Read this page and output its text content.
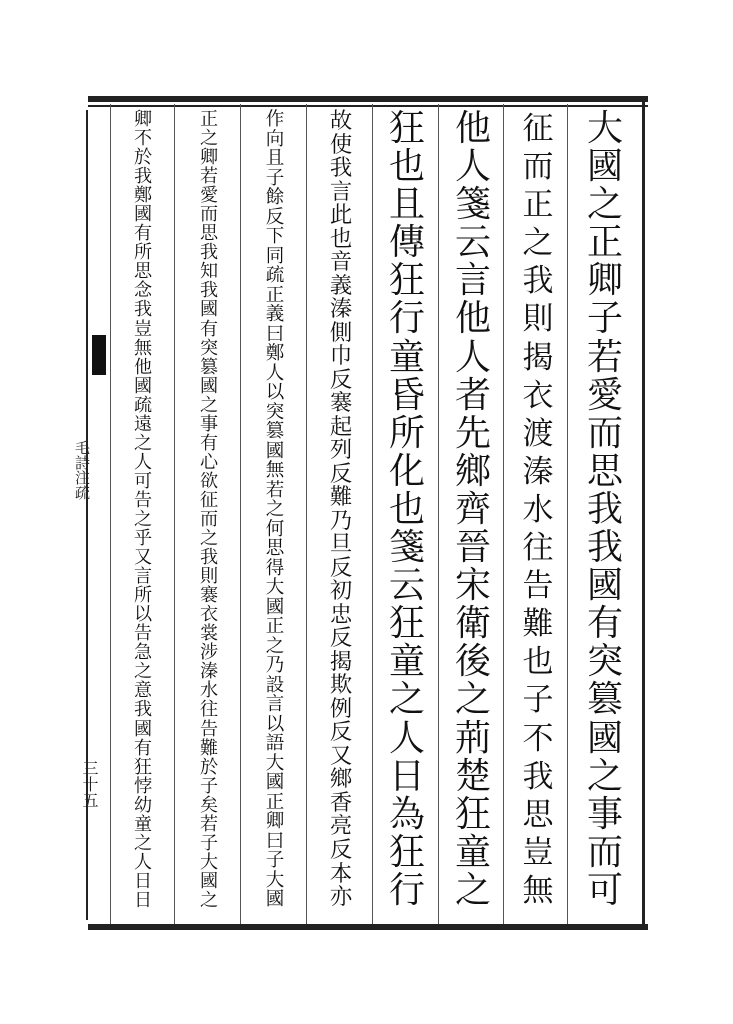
大
國
之
正
卿
子
若
愛
而
思
我
我
國
有
突
篡
國
之
事
而
可
征
而
正
之
我
則
揭
衣
渡
溱
水
往
告
難
也
子
不
我
思
豈
無
他
人
箋
云
言
他
人
者
先
鄉
齊
晉
宋
衛
後
之
荊
楚
狂
童
之
狂
也
且
傳
狂
行
童
昏
所
化
也
箋
云
狂
童
之
人
日
為
狂
行
故
使
我
言
此
也
音
義
溱
側
巾
反
褰
起
列
反
難
乃
旦
反
初
忠
反
揭
欺
例
反
又
鄉
香
亮
反
本
亦
作
向
且
子
餘
反
下
同
疏
正
義
曰
鄭
人
以
突
篡
國
無
若
之
何
思
得
大
國
正
之
乃
設
言
以
語
大
國
正
卿
曰
子
大
國
正
之
卿
若
愛
而
思
我
知
我
國
有
突
篡
國
之
事
有
心
欲
征
而
之
我
則
褰
衣
裳
涉
溱
水
往
告
難
於
子
矣
若
子
大
國
之
卿
不
於
我
鄭
國
有
所
思
念
我
豈
無
他
國
疏
遠
之
人
可
告
之
乎
又
言
所
以
告
急
之
意
我
國
有
狂
悖
幼
童
之
人
日
日
毛詩注疏
三十五
